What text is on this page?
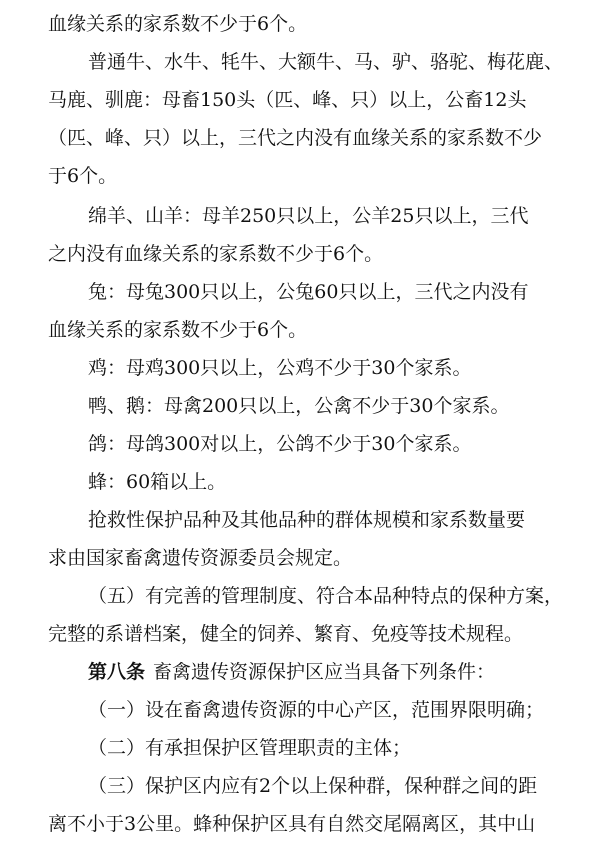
血缘关系的家系数不少于6个。
普通牛、水牛、牦牛、大额牛、马、驴、骆驼、梅花鹿、
马鹿、驯鹿：母畜150头（匹、峰、只）以上，公畜12头
（匹、峰、只）以上，三代之内没有血缘关系的家系数不少
于6个。
绵羊、山羊：母羊250只以上，公羊25只以上，三代
之内没有血缘关系的家系数不少于6个。
兔：母兔300只以上，公兔60只以上，三代之内没有
血缘关系的家系数不少于6个。
鸡：母鸡300只以上，公鸡不少于30个家系。
鸭、鹅：母禽200只以上，公禽不少于30个家系。
鸽：母鸽300对以上，公鸽不少于30个家系。
蜂：60箱以上。
抢救性保护品种及其他品种的群体规模和家系数量要
求由国家畜禽遗传资源委员会规定。
（五）有完善的管理制度、符合本品种特点的保种方案，
完整的系谱档案，健全的饲养、繁育、免疫等技术规程。
第八条 畜禽遗传资源保护区应当具备下列条件：
（一）设在畜禽遗传资源的中心产区，范围界限明确；
（二）有承担保护区管理职责的主体；
（三）保护区内应有2个以上保种群，保种群之间的距
离不小于3公里。蜂种保护区具有自然交尾隔离区，其中山
